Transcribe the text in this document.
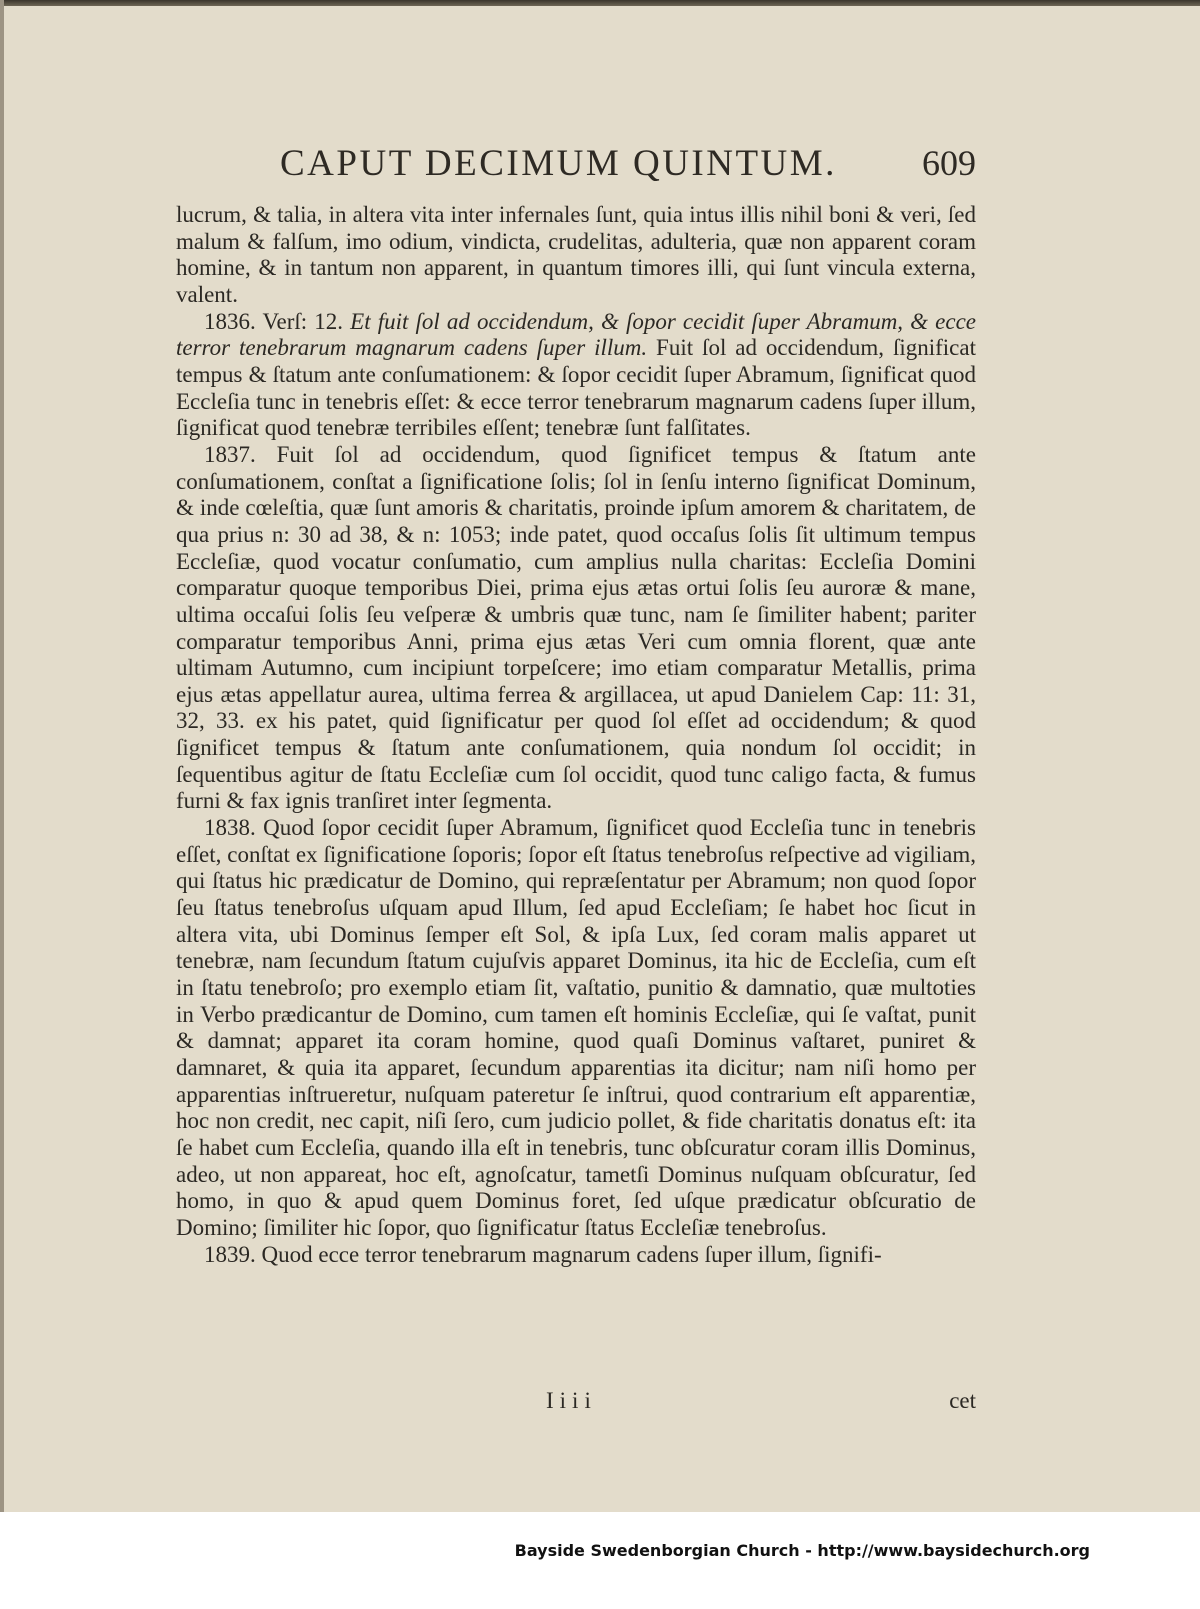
CAPUT DECIMUM QUINTUM. 609

lucrum, & talia, in altera vita inter infernales ſunt, quia intus illis nihil boni & veri, ſed malum & falſum, imo odium, vindicta, crudelitas, adulteria, quæ non apparent coram homine, & in tantum non apparent, in quantum timores illi, qui ſunt vincula externa, valent.

1836. Verſ: 12. Et fuit ſol ad occidendum, & ſopor cecidit ſuper Abramum, & ecce terror tenebrarum magnarum cadens ſuper illum. Fuit ſol ad occidendum, ſignificat tempus & ſtatum ante conſumationem: & ſopor cecidit ſuper Abramum, ſignificat quod Eccleſia tunc in tenebris eſſet: & ecce terror tenebrarum magnarum cadens ſuper illum, ſignificat quod tenebræ terribiles eſſent; tenebræ ſunt falſitates.

1837. Fuit ſol ad occidendum, quod ſignificet tempus & ſtatum ante conſumationem, conſtat a ſignificatione ſolis; ſol in ſenſu interno ſignificat Dominum, & inde cœleſtia, quæ ſunt amoris & charitatis, proinde ipſum amorem & charitatem, de qua prius n: 30 ad 38, & n: 1053; inde patet, quod occaſus ſolis ſit ultimum tempus Eccleſiæ, quod vocatur conſumatio, cum amplius nulla charitas: Eccleſia Domini comparatur quoque temporibus Diei, prima ejus ætas ortui ſolis ſeu auroræ & mane, ultima occaſui ſolis ſeu veſperæ & umbris quæ tunc, nam ſe ſimiliter habent; pariter comparatur temporibus Anni, prima ejus ætas Veri cum omnia florent, quæ ante ultimam Autumno, cum incipiunt torpeſcere; imo etiam comparatur Metallis, prima ejus ætas appellatur aurea, ultima ferrea & argillacea, ut apud Danielem Cap: 11: 31, 32, 33. ex his patet, quid ſignificatur per quod ſol eſſet ad occidendum; & quod ſignificet tempus & ſtatum ante conſumationem, quia nondum ſol occidit; in ſequentibus agitur de ſtatu Eccleſiæ cum ſol occidit, quod tunc caligo facta, & fumus furni & fax ignis tranſiret inter ſegmenta.

1838. Quod ſopor cecidit ſuper Abramum, ſignificet quod Eccleſia tunc in tenebris eſſet, conſtat ex ſignificatione ſoporis; ſopor eſt ſtatus tenebroſus reſpective ad vigiliam, qui ſtatus hic prædicatur de Domino, qui repræſentatur per Abramum; non quod ſopor ſeu ſtatus tenebroſus uſquam apud Illum, ſed apud Eccleſiam; ſe habet hoc ſicut in altera vita, ubi Dominus ſemper eſt Sol, & ipſa Lux, ſed coram malis apparet ut tenebræ, nam ſecundum ſtatum cujuſvis apparet Dominus, ita hic de Eccleſia, cum eſt in ſtatu tenebroſo; pro exemplo etiam ſit, vaſtatio, punitio & damnatio, quæ multoties in Verbo prædicantur de Domino, cum tamen eſt hominis Eccleſiæ, qui ſe vaſtat, punit & damnat; apparet ita coram homine, quod quaſi Dominus vaſtaret, puniret & damnaret, & quia ita apparet, ſecundum apparentias ita dicitur; nam niſi homo per apparentias inſtrueretur, nuſquam pateretur ſe inſtrui, quod contrarium eſt apparentiæ, hoc non credit, nec capit, niſi ſero, cum judicio pollet, & fide charitatis donatus eſt: ita ſe habet cum Eccleſia, quando illa eſt in tenebris, tunc obſcuratur coram illis Dominus, adeo, ut non appareat, hoc eſt, agnoſcatur, tametſi Dominus nuſquam obſcuratur, ſed homo, in quo & apud quem Dominus foret, ſed uſque prædicatur obſcuratio de Domino; ſimiliter hic ſopor, quo ſignificatur ſtatus Eccleſiæ tenebroſus.

1839. Quod ecce terror tenebrarum magnarum cadens ſuper illum, ſignifi-

Iiii	cet
Bayside Swedenborgian Church - http://www.baysidechurch.org
